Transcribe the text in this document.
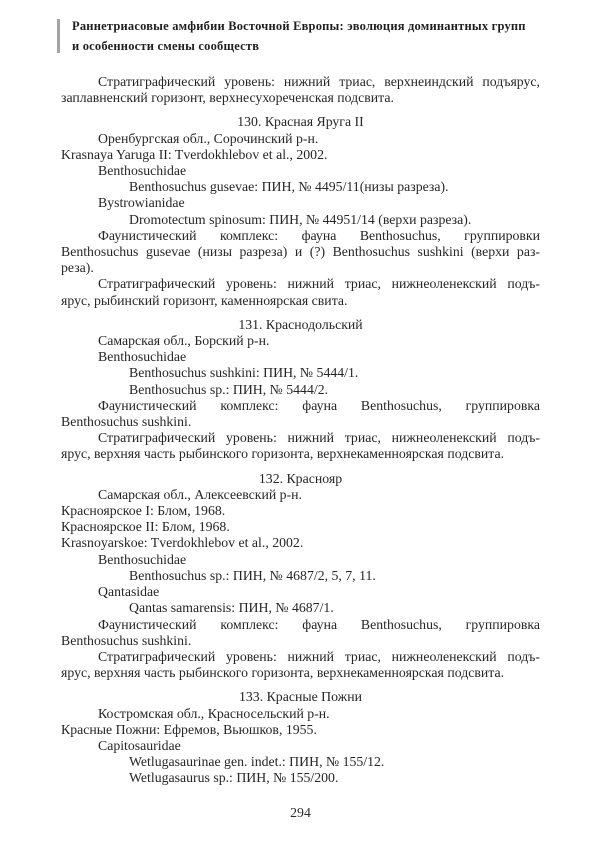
Раннетриасовые амфибии Восточной Европы: эволюция доминантных групп
и особенности смены сообществ
Стратиграфический уровень: нижний триас, верхнеиндский подъярус,
заплавненский горизонт, верхнесухореченская подсвита.
130. Красная Яруга II
Оренбургская обл., Сорочинский р-н.
Krasnaya Yaruga II: Tverdokhlebov et al., 2002.
Benthosuchidae
Benthosuchus gusevae: ПИН, № 4495/11(низы разреза).
Bystrowianidae
Dromotectum spinosum: ПИН, № 44951/14 (верхи разреза).
Фаунистический комплекс: фауна Benthosuchus, группировки
Benthosuchus gusevae (низы разреза) и (?) Benthosuchus sushkini (верхи раз-
реза).
Стратиграфический уровень: нижний триас, нижнеоленекский подъ-
ярус, рыбинский горизонт, каменноярская свита.
131. Краснодольский
Самарская обл., Борский р-н.
Benthosuchidae
Benthosuchus sushkini: ПИН, № 5444/1.
Benthosuchus sp.: ПИН, № 5444/2.
Фаунистический комплекс: фауна Benthosuchus, группировка
Benthosuchus sushkini.
Стратиграфический уровень: нижний триас, нижнеоленекский подъ-
ярус, верхняя часть рыбинского горизонта, верхнекаменноярская подсвита.
132. Краснояр
Самарская обл., Алексеевский р-н.
Красноярское I: Блом, 1968.
Красноярское II: Блом, 1968.
Krasnoyarskoe: Tverdokhlebov et al., 2002.
Benthosuchidae
Benthosuchus sp.: ПИН, № 4687/2, 5, 7, 11.
Qantasidae
Qantas samarensis: ПИН, № 4687/1.
Фаунистический комплекс: фауна Benthosuchus, группировка
Benthosuchus sushkini.
Стратиграфический уровень: нижний триас, нижнеоленекский подъ-
ярус, верхняя часть рыбинского горизонта, верхнекаменноярская подсвита.
133. Красные Пожни
Костромская обл., Красносельский р-н.
Красные Пожни: Ефремов, Вьюшков, 1955.
Capitosauridae
Wetlugasaurinae gen. indet.: ПИН, № 155/12.
Wetlugasaurus sp.: ПИН, № 155/200.
294
